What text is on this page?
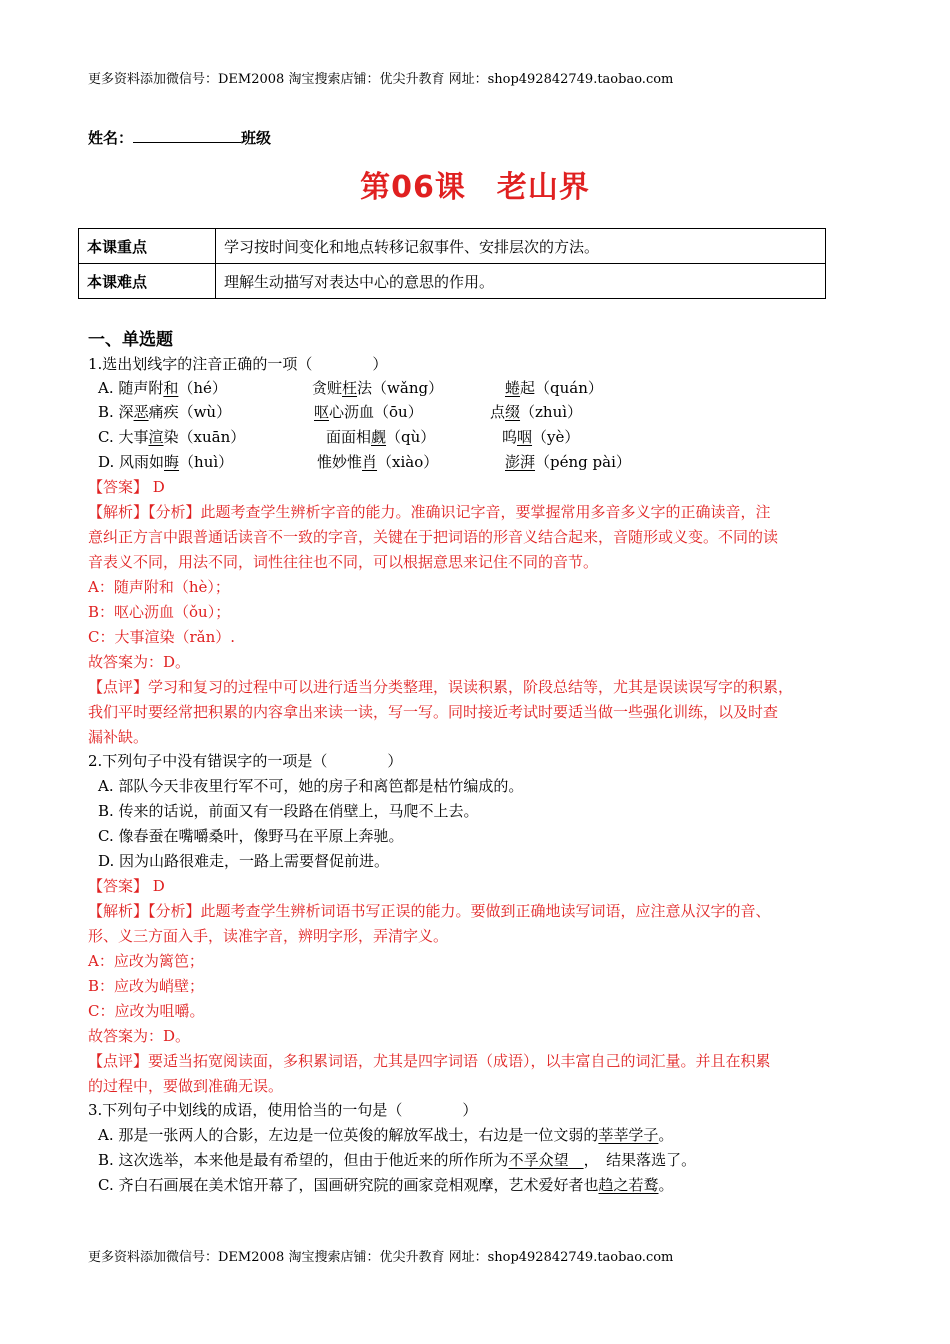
更多资料添加微信号：DEM2008 淘宝搜索店铺：优尖升教育 网址：shop492842749.taobao.com
姓名：	班级
第06课　老山界
本课重点	学习按时间变化和地点转移记叙事件、安排层次的方法。
本课难点	理解生动描写对表达中心的意思的作用。
一、单选题
1.选出划线字的注音正确的一项（　　　　）
A. 随声附和（hé）	贪赃枉法（wǎng）	蜷起（quán）
B. 深恶痛疾（wù）	呕心沥血（ōu）	点缀（zhuì）
C. 大事渲染（xuān）	面面相觑（qù）	呜咽（yè）
D. 风雨如晦（huì）	惟妙惟肖（xiào）	澎湃（péng pài）
【答案】 D
【解析】【分析】此题考查学生辨析字音的能力。准确识记字音，要掌握常用多音多义字的正确读音，注
意纠正方言中跟普通话读音不一致的字音，关键在于把词语的形音义结合起来，音随形或义变。不同的读
音表义不同，用法不同，词性往往也不同，可以根据意思来记住不同的音节。
A：随声附和（hè）；
B：呕心沥血（ǒu）；
C：大事渲染（rǎn）.
故答案为：D。
【点评】学习和复习的过程中可以进行适当分类整理，误读积累，阶段总结等，尤其是误读误写字的积累，
我们平时要经常把积累的内容拿出来读一读，写一写。同时接近考试时要适当做一些强化训练，以及时查
漏补缺。
2.下列句子中没有错误字的一项是（　　　　）
A. 部队今天非夜里行军不可，她的房子和离笆都是枯竹编成的。
B. 传来的话说，前面又有一段路在俏壁上，马爬不上去。
C. 像春蚕在嘴嚼桑叶，像野马在平原上奔驰。
D. 因为山路很难走，一路上需要督促前进。
【答案】 D
【解析】【分析】此题考查学生辨析词语书写正误的能力。要做到正确地读写词语，应注意从汉字的音、
形、义三方面入手，读准字音，辨明字形，弄清字义。
A：应改为篱笆；
B：应改为峭壁；
C：应改为咀嚼。
故答案为：D。
【点评】要适当拓宽阅读面，多积累词语，尤其是四字词语（成语），以丰富自己的词汇量。并且在积累
的过程中，要做到准确无误。
3.下列句子中划线的成语，使用恰当的一句是（　　　　）
A. 那是一张两人的合影，左边是一位英俊的解放军战士，右边是一位文弱的莘莘学子。
B. 这次选举，本来他是最有希望的，但由于他近来的所作所为不孚众望　，　结果落选了。
C. 齐白石画展在美术馆开幕了，国画研究院的画家竞相观摩，艺术爱好者也趋之若鹜。
更多资料添加微信号：DEM2008 淘宝搜索店铺：优尖升教育 网址：shop492842749.taobao.com
